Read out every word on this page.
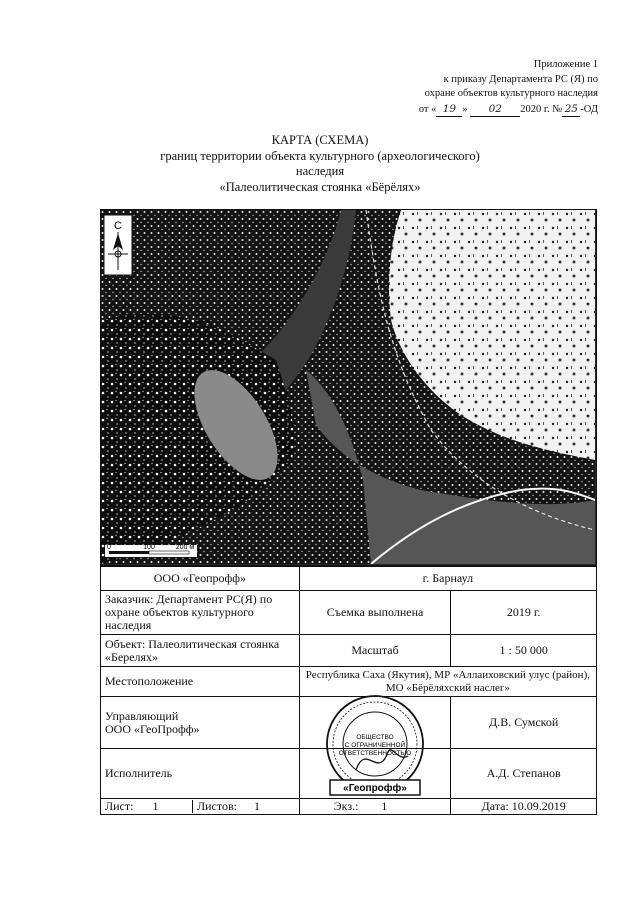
Приложение 1
к приказу Департамента РС (Я) по
охране объектов культурного наследия
от « 19 » 02 2020 г. № 25 -ОД
КАРТА (СХЕМА)
границ территории объекта культурного (археологического)
наследия
«Палеолитическая стоянка «Бёрёлях»
С
0	100	200 м
ООО «Геопрофф»	г. Барнаул	
Заказчик: Департамент РС(Я) по охране объектов культурного наследия	Съемка выполнена	2019 г.
Объект: Палеолитическая стоянка «Берелях»	Масштаб	1 : 50 000
Местоположение	Республика Саха (Якутия), МР «Аллаиховский улус (район), МО «Бёрёляхский наслег»	

Управляющий
ООО «ГеоПрофф»		Д.В. Сумской
Исполнитель		А.Д. Степанов

Лист: 1 Листов: 1	Экз.: 1	Дата: 10.09.2019
ОБЩЕСТВО
С ОГРАНИЧЕННОЙ
ОТВЕТСТВЕННОСТЬЮ
«Геопрофф»
